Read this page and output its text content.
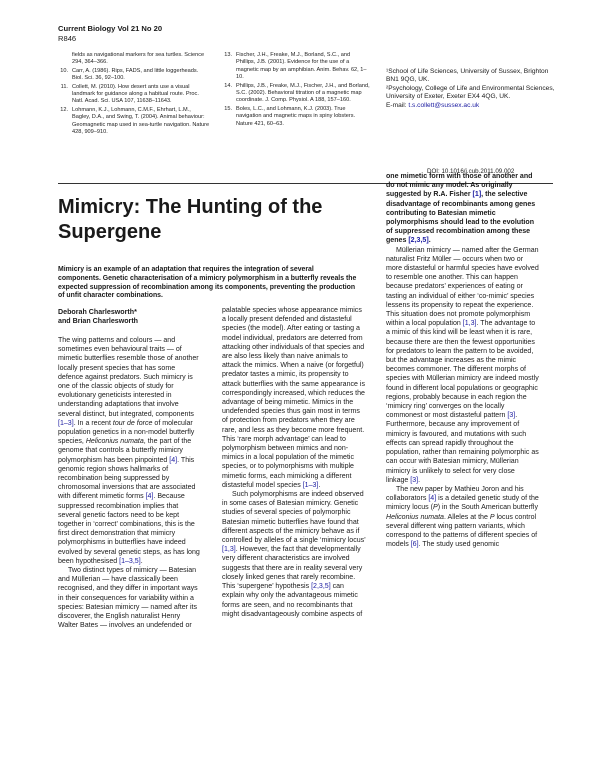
Current Biology Vol 21 No 20
R846
fields as navigational markers for sea turtles. Science 294, 364–366.
10. Carr, A. (1986). Rips, FADS, and little loggerheads. Biol. Sci. 36, 92–100.
11. Collett, M. (2010). How desert ants use a visual landmark for guidance along a habitual route. Proc. Natl. Acad. Sci. USA 107, 11638–11643.
12. Lohmann, K.J., Lohmann, C.M.F., Ehrhart, L.M., Bagley, D.A., and Swing, T. (2004). Animal behaviour: Geomagnetic map used in sea-turtle navigation. Nature 428, 909–910.
13. Fischer, J.H., Freake, M.J., Borland, S.C., and Phillips, J.B. (2001). Evidence for the use of a magnetic map by an amphibian. Anim. Behav. 62, 1–10.
14. Phillips, J.B., Freake, M.J., Fischer, J.H., and Borland, S.C. (2002). Behavioral titration of a magnetic map coordinate. J. Comp. Physiol. A 188, 157–160.
15. Boles, L.C., and Lohmann, K.J. (2003). True navigation and magnetic maps in spiny lobsters. Nature 421, 60–63.
¹School of Life Sciences, University of Sussex, Brighton BN1 9QG, UK.
²Psychology, College of Life and Environmental Sciences, University of Exeter, Exeter EX4 4QG, UK.
E-mail: t.s.collett@sussex.ac.uk
DOI: 10.1016/j.cub.2011.09.002
Mimicry: The Hunting of the Supergene
Mimicry is an example of an adaptation that requires the integration of several components. Genetic characterisation of a mimicry polymorphism in a butterfly reveals the expected suppression of recombination among its components, preventing the production of unfit character combinations.
Deborah Charlesworth*
and Brian Charlesworth

The wing patterns and colours — and sometimes even behavioural traits — of mimetic butterflies resemble those of another locally present species that has some defence against predators. Such mimicry is one of the classic objects of study for evolutionary geneticists interested in understanding adaptations that involve several distinct, but integrated, components [1–3]. In a recent tour de force of molecular population genetics in a non-model butterfly species, Heliconius numata, the part of the genome that controls a butterfly mimicry polymorphism has been pinpointed [4]. This genomic region shows hallmarks of recombination being suppressed by chromosomal inversions that are associated with different mimetic forms [4]. Because suppressed recombination implies that several genetic factors need to be kept together in ‘correct’ combinations, this is the first direct demonstration that mimicry polymorphisms in butterflies have indeed evolved by several genetic steps, as has long been hypothesised [1–3,5].

Two distinct types of mimicry — Batesian and Müllerian — have classically been recognised, and they differ in important ways in their consequences for variability within a species: Batesian mimicry — named after its discoverer, the English naturalist Henry Walter Bates — involves an undefended or

palatable species whose appearance mimics a locally present defended and distasteful species (the model). After eating or tasting a model individual, predators are deterred from attacking other individuals of that species and are also less likely than naive animals to attack the mimics. When a naive (or forgetful) predator tastes a mimic, its propensity to attack butterflies with the same appearance is correspondingly increased, which reduces the advantage of being mimetic. Mimics in the undefended species thus gain most in terms of protection from predators when they are rare, and less as they become more frequent. This ‘rare morph advantage’ can lead to polymorphism between mimics and non-mimics in a local population of the mimetic species, or to polymorphisms with multiple mimetic forms, each mimicking a different distasteful model species [1–3].

Such polymorphisms are indeed observed in some cases of Batesian mimicry. Genetic studies of several species of polymorphic Batesian mimetic butterflies have found that different aspects of the mimicry behave as if controlled by alleles of a single ‘mimicry locus’ [1,3]. However, the fact that developmentally very different characteristics are involved suggests that there are in reality several very closely linked genes that rarely recombine. This ‘supergene’ hypothesis [2,3,5] can explain why only the advantageous mimetic forms are seen, and no recombinants that might disadvantageously combine aspects of

one mimetic form with those of another and do not mimic any model. As originally suggested by R.A. Fisher [1], the selective disadvantage of recombinants among genes contributing to Batesian mimetic polymorphisms should lead to the evolution of suppressed recombination among these genes [2,3,5].

Müllerian mimicry — named after the German naturalist Fritz Müller — occurs when two or more distasteful or harmful species have evolved to resemble one another. This can happen because predators’ experiences of eating or tasting an individual of either ‘co-mimic’ species lessens its propensity to repeat the experience. This situation does not promote polymorphism within a local population [1,3]. The advantage to a mimic of this kind will be least when it is rare, because there are then the fewest opportunities for predators to learn the pattern to be avoided, but the advantage increases as the mimic becomes commoner. The different morphs of species with Müllerian mimicry are indeed mostly found in different local populations or geographic regions, probably because in each region the ‘mimicry ring’ converges on the locally commonest or most distasteful pattern [3]. Furthermore, because any improvement of mimicry is favoured, and mutations with such effects can spread rapidly throughout the population, rather than remaining polymorphic as can occur with Batesian mimicry, Müllerian mimicry is unlikely to select for very close linkage [3].

The new paper by Mathieu Joron and his collaborators [4] is a detailed genetic study of the mimicry locus (P) in the South American butterfly Heliconius numata. Alleles at the P locus control several different wing pattern variants, which correspond to the patterns of different species of models [6]. The study used genomic
